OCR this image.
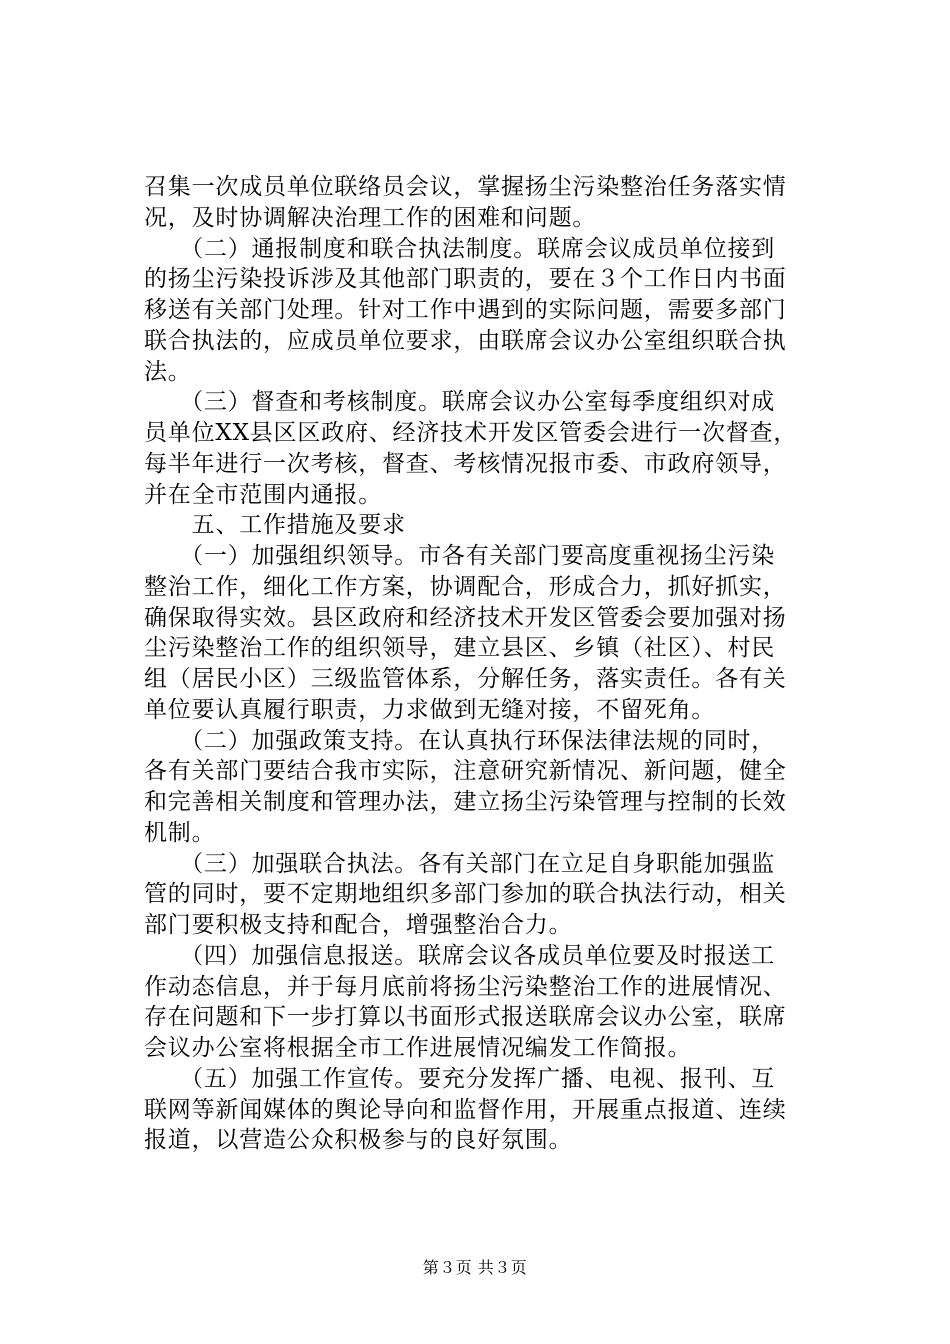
召集一次成员单位联络员会议，掌握扬尘污染整治任务落实情
况，及时协调解决治理工作的困难和问题。
　　（二）通报制度和联合执法制度。联席会议成员单位接到
的扬尘污染投诉涉及其他部门职责的，要在３个工作日内书面
移送有关部门处理。针对工作中遇到的实际问题，需要多部门
联合执法的，应成员单位要求，由联席会议办公室组织联合执
法。
　　（三）督查和考核制度。联席会议办公室每季度组织对成
员单位XX县区区政府、经济技术开发区管委会进行一次督查，
每半年进行一次考核，督查、考核情况报市委、市政府领导，
并在全市范围内通报。
　　五、工作措施及要求
　　（一）加强组织领导。市各有关部门要高度重视扬尘污染
整治工作，细化工作方案，协调配合，形成合力，抓好抓实，
确保取得实效。县区政府和经济技术开发区管委会要加强对扬
尘污染整治工作的组织领导，建立县区、乡镇（社区）、村民
组（居民小区）三级监管体系，分解任务，落实责任。各有关
单位要认真履行职责，力求做到无缝对接，不留死角。
　　（二）加强政策支持。在认真执行环保法律法规的同时，
各有关部门要结合我市实际，注意研究新情况、新问题，健全
和完善相关制度和管理办法，建立扬尘污染管理与控制的长效
机制。
　　（三）加强联合执法。各有关部门在立足自身职能加强监
管的同时，要不定期地组织多部门参加的联合执法行动，相关
部门要积极支持和配合，增强整治合力。
　　（四）加强信息报送。联席会议各成员单位要及时报送工
作动态信息，并于每月底前将扬尘污染整治工作的进展情况、
存在问题和下一步打算以书面形式报送联席会议办公室，联席
会议办公室将根据全市工作进展情况编发工作简报。
　　（五）加强工作宣传。要充分发挥广播、电视、报刊、互
联网等新闻媒体的舆论导向和监督作用，开展重点报道、连续
报道，以营造公众积极参与的良好氛围。
第３页 共３页
